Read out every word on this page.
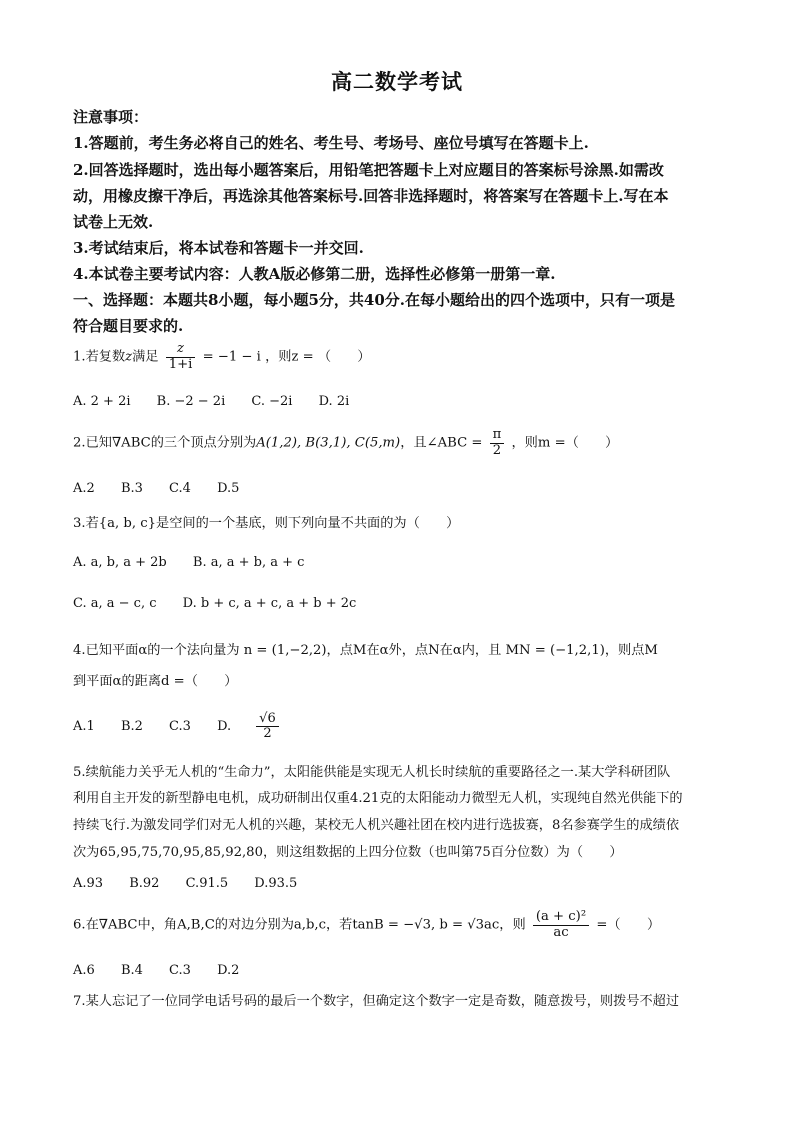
高二数学考试
注意事项：
1.答题前，考生务必将自己的姓名、考生号、考场号、座位号填写在答题卡上.
2.回答选择题时，选出每小题答案后，用铅笔把答题卡上对应题目的答案标号涂黑.如需改
动，用橡皮擦干净后，再选涂其他答案标号.回答非选择题时，将答案写在答题卡上.写在本
试卷上无效.
3.考试结束后，将本试卷和答题卡一并交回.
4.本试卷主要考试内容：人教A版必修第二册，选择性必修第一册第一章.
一、选择题：本题共8小题，每小题5分，共40分.在每小题给出的四个选项中，只有一项是
符合题目要求的.
1.若复数z满足 $\frac{z}{1+i} = -1 - i$ ，则z = （　　）
A. 2 + 2i B. −2 − 2i C. −2i D. 2i
2.已知∇ABC的三个顶点分别为A(1,2), B(3,1), C(5,m)，且∠ABC = $\frac{\pi}{2}$ ，则m =（　　）
A.2 B.3 C.4 D.5
3.若{a, b, c}是空间的一个基底，则下列向量不共面的为（　　）
A. a, b, a + 2b B. a, a + b, a + c
C. a, a − c, c D. b + c, a + c, a + b + 2c
4.已知平面α的一个法向量为 n = (1,−2,2)，点M在α外，点N在α内，且 MN = (−1,2,1)，则点M
到平面α的距离d =（　　）
A.1 B.2 C.3 D. $\frac{√6}{2}$
5.续航能力关乎无人机的“生命力”，太阳能供能是实现无人机长时续航的重要路径之一.某大学科研团队
利用自主开发的新型静电电机，成功研制出仅重4.21克的太阳能动力微型无人机，实现纯自然光供能下的
持续飞行.为激发同学们对无人机的兴趣，某校无人机兴趣社团在校内进行选拔赛，8名参赛学生的成绩依
次为65,95,75,70,95,85,92,80，则这组数据的上四分位数（也叫第75百分位数）为（　　）
A.93 B.92 C.91.5 D.93.5
6.在∇ABC中，角A,B,C的对边分别为a,b,c，若tanB = −√3, b = √3ac，则 $\frac{\text{(a + c)²}}{ac}$ =（　　）
A.6 B.4 C.3 D.2
7.某人忘记了一位同学电话号码的最后一个数字，但确定这个数字一定是奇数，随意拨号，则拨号不超过
